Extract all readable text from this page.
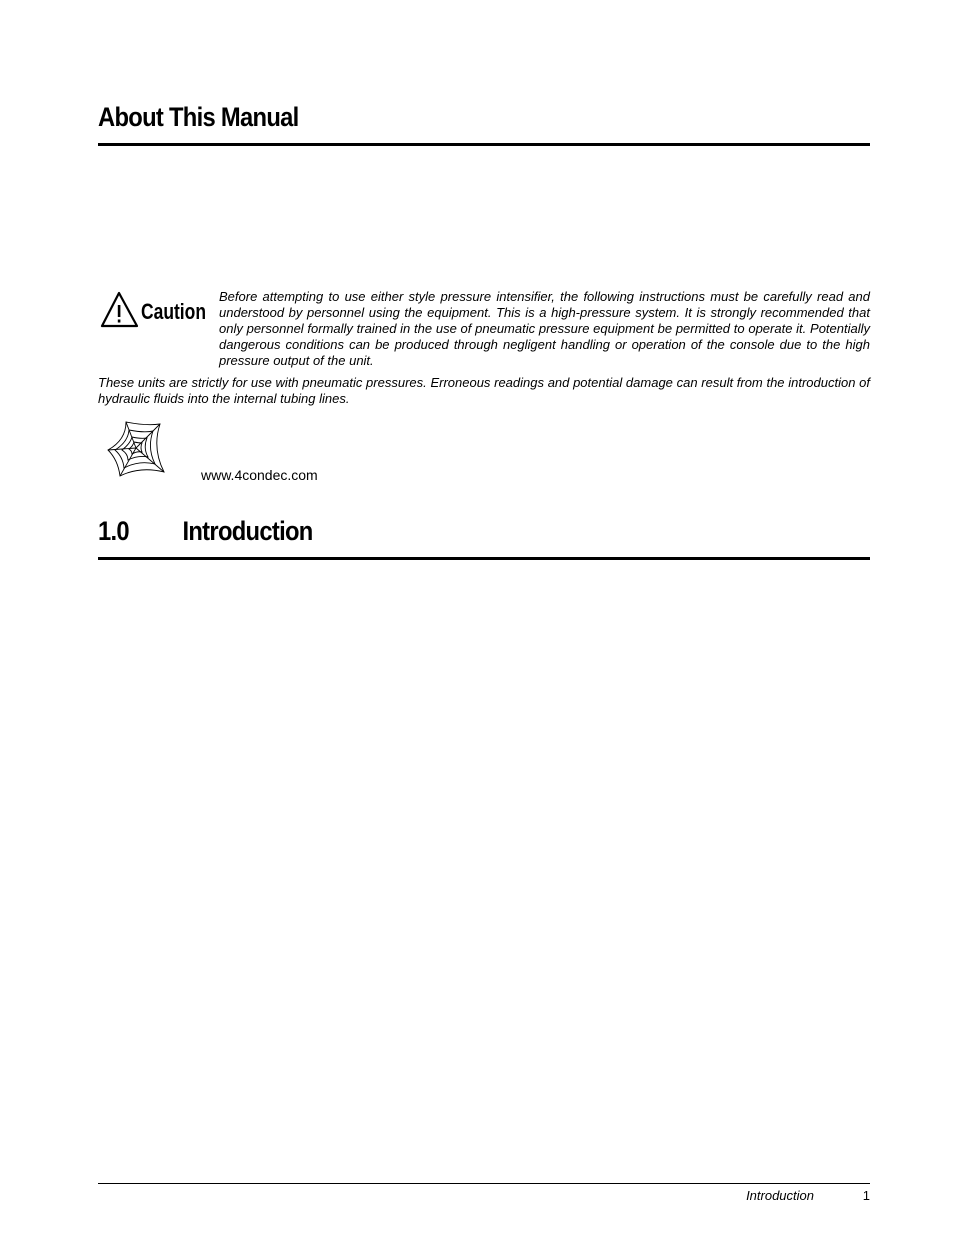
About This Manual
Caution

Before attempting to use either style pressure intensifier, the following instructions must be carefully read and understood by personnel using the equipment. This is a high-pressure system. It is strongly recommended that only personnel formally trained in the use of pneumatic pressure equipment be permitted to operate it. Potentially dangerous conditions can be produced through negligent handling or operation of the console due to the high pressure output of the unit.

These units are strictly for use with pneumatic pressures. Erroneous readings and potential damage can result from the introduction of hydraulic fluids into the internal tubing lines.

www.4condec.com
1.0 Introduction
Introduction	1
